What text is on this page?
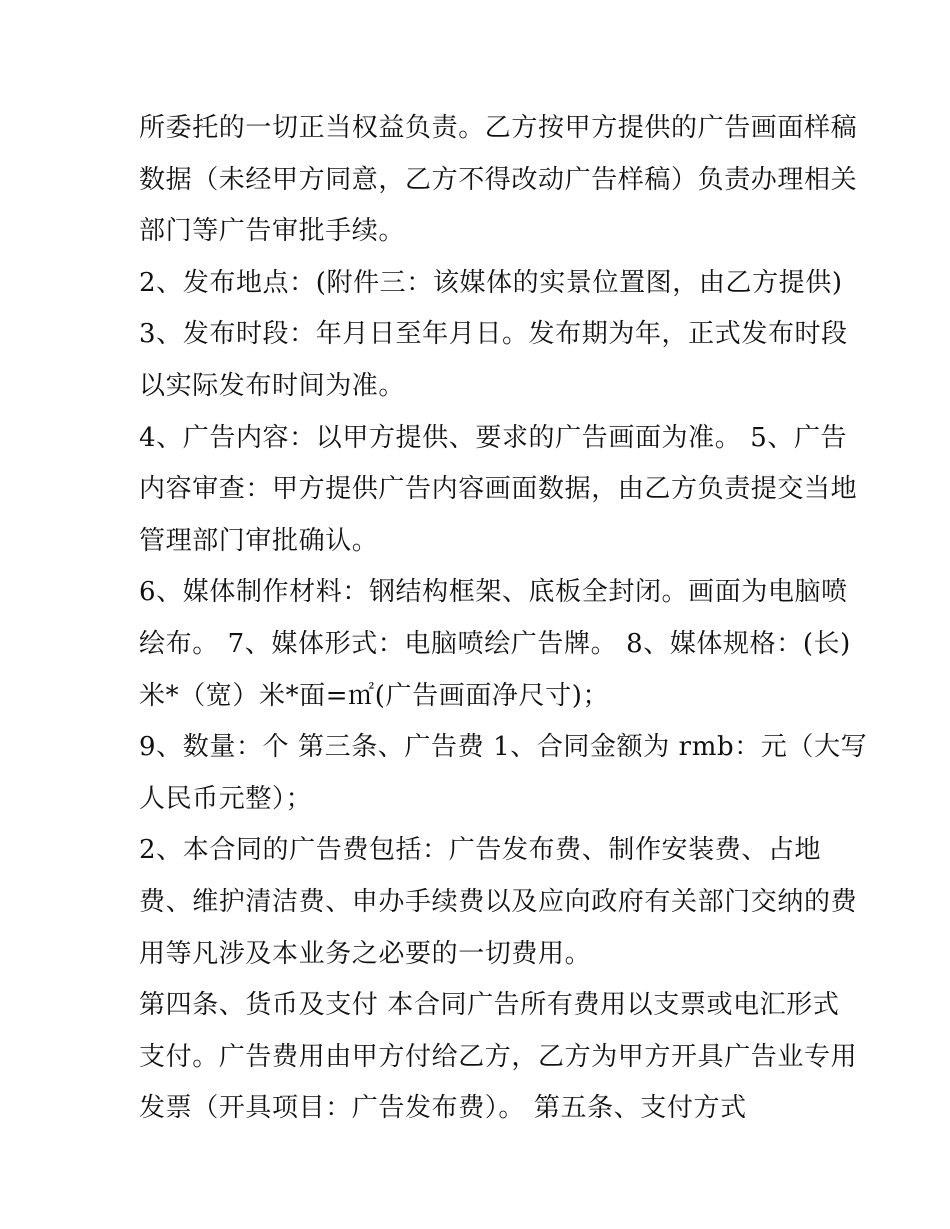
所委托的一切正当权益负责。乙方按甲方提供的广告画面样稿
数据（未经甲方同意，乙方不得改动广告样稿）负责办理相关
部门等广告审批手续。
2、发布地点：(附件三：该媒体的实景位置图，由乙方提供)
3、发布时段：年月日至年月日。发布期为年，正式发布时段
以实际发布时间为准。
4、广告内容：以甲方提供、要求的广告画面为准。 5、广告
内容审查：甲方提供广告内容画面数据，由乙方负责提交当地
管理部门审批确认。
6、媒体制作材料：钢结构框架、底板全封闭。画面为电脑喷
绘布。 7、媒体形式：电脑喷绘广告牌。 8、媒体规格：(长)
米*（宽）米*面=㎡(广告画面净尺寸)；
9、数量：个 第三条、广告费 1、合同金额为 rmb：元（大写
人民币元整）；
2、本合同的广告费包括：广告发布费、制作安装费、占地
费、维护清洁费、申办手续费以及应向政府有关部门交纳的费
用等凡涉及本业务之必要的一切费用。
第四条、货币及支付 本合同广告所有费用以支票或电汇形式
支付。广告费用由甲方付给乙方，乙方为甲方开具广告业专用
发票（开具项目：广告发布费）。 第五条、支付方式
